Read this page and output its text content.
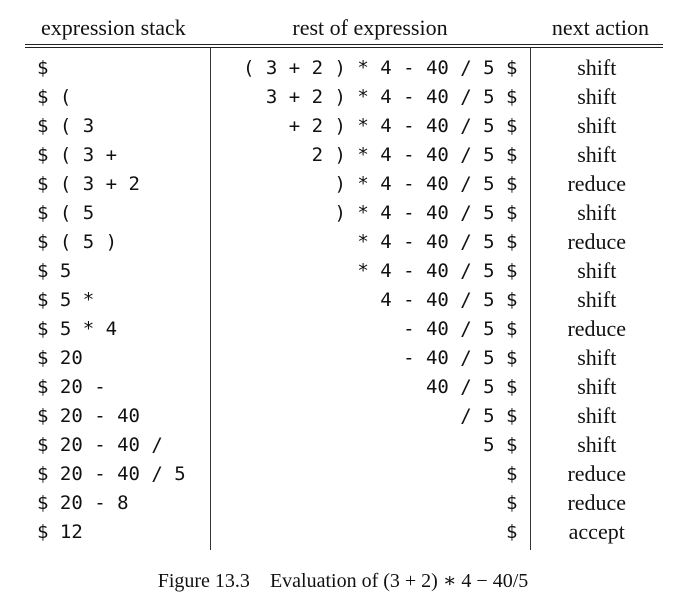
expression stack	rest of expression	next action
$	( 3 + 2 ) * 4 - 40 / 5 $	shift
$ (	3 + 2 ) * 4 - 40 / 5 $	shift
$ ( 3	+ 2 ) * 4 - 40 / 5 $	shift
$ ( 3 +	2 ) * 4 - 40 / 5 $	shift
$ ( 3 + 2	) * 4 - 40 / 5 $	reduce
$ ( 5	) * 4 - 40 / 5 $	shift
$ ( 5 )	* 4 - 40 / 5 $	reduce
$ 5	* 4 - 40 / 5 $	shift
$ 5 *	4 - 40 / 5 $	shift
$ 5 * 4	- 40 / 5 $	reduce
$ 20	- 40 / 5 $	shift
$ 20 -	40 / 5 $	shift
$ 20 - 40	/ 5 $	shift
$ 20 - 40 /	5 $	shift
$ 20 - 40 / 5	$	reduce
$ 20 - 8	$	reduce
$ 12	$	accept
Figure 13.3 Evaluation of (3 + 2) ∗ 4 − 40/5
